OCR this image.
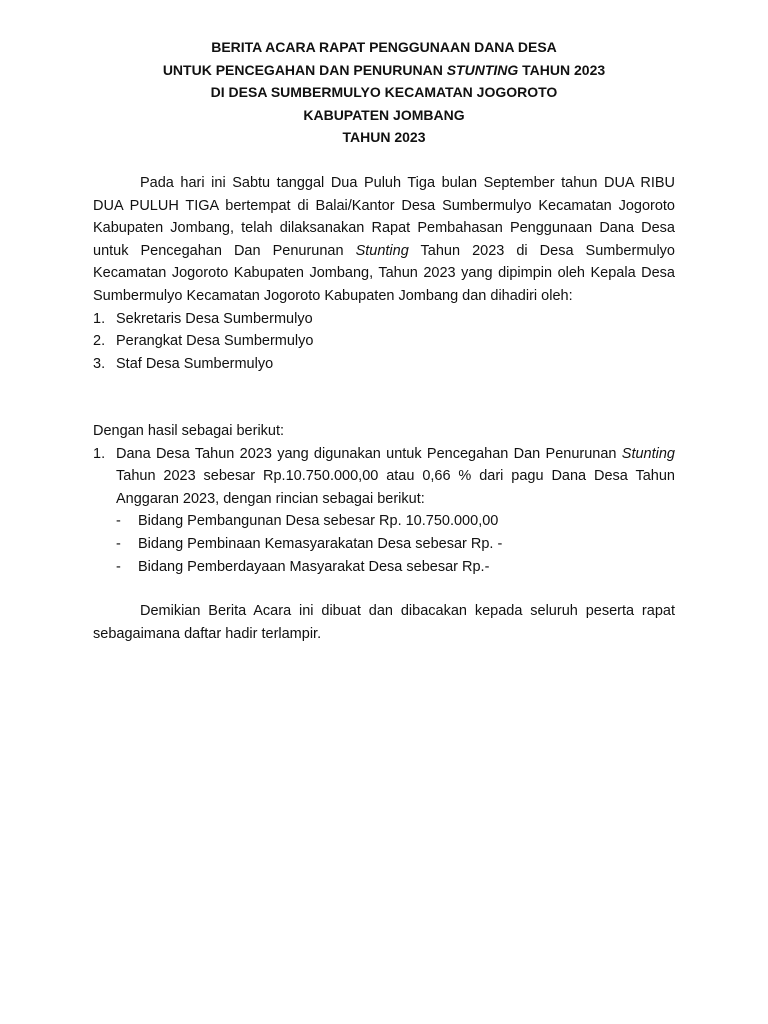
BERITA ACARA RAPAT PENGGUNAAN DANA DESA
UNTUK PENCEGAHAN DAN PENURUNAN STUNTING TAHUN 2023
DI DESA SUMBERMULYO KECAMATAN JOGOROTO
KABUPATEN JOMBANG
TAHUN 2023

Pada hari ini Sabtu tanggal Dua Puluh Tiga bulan September tahun DUA RIBU DUA PULUH TIGA bertempat di Balai/Kantor Desa Sumbermulyo Kecamatan Jogoroto Kabupaten Jombang, telah dilaksanakan Rapat Pembahasan Penggunaan Dana Desa untuk Pencegahan Dan Penurunan Stunting Tahun 2023 di Desa Sumbermulyo Kecamatan Jogoroto Kabupaten Jombang, Tahun 2023 yang dipimpin oleh Kepala Desa Sumbermulyo Kecamatan Jogoroto Kabupaten Jombang dan dihadiri oleh:

1. Sekretaris Desa Sumbermulyo
2. Perangkat Desa Sumbermulyo
3. Staf Desa Sumbermulyo
Dengan hasil sebagai berikut:
1. Dana Desa Tahun 2023 yang digunakan untuk Pencegahan Dan Penurunan Stunting Tahun 2023 sebesar Rp.10.750.000,00 atau 0,66 % dari pagu Dana Desa Tahun Anggaran 2023, dengan rincian sebagai berikut:
- Bidang Pembangunan Desa sebesar Rp. 10.750.000,00
- Bidang Pembinaan Kemasyarakatan Desa sebesar Rp. -
- Bidang Pemberdayaan Masyarakat Desa sebesar Rp.-

Demikian Berita Acara ini dibuat dan dibacakan kepada seluruh peserta rapat sebagaimana daftar hadir terlampir.
